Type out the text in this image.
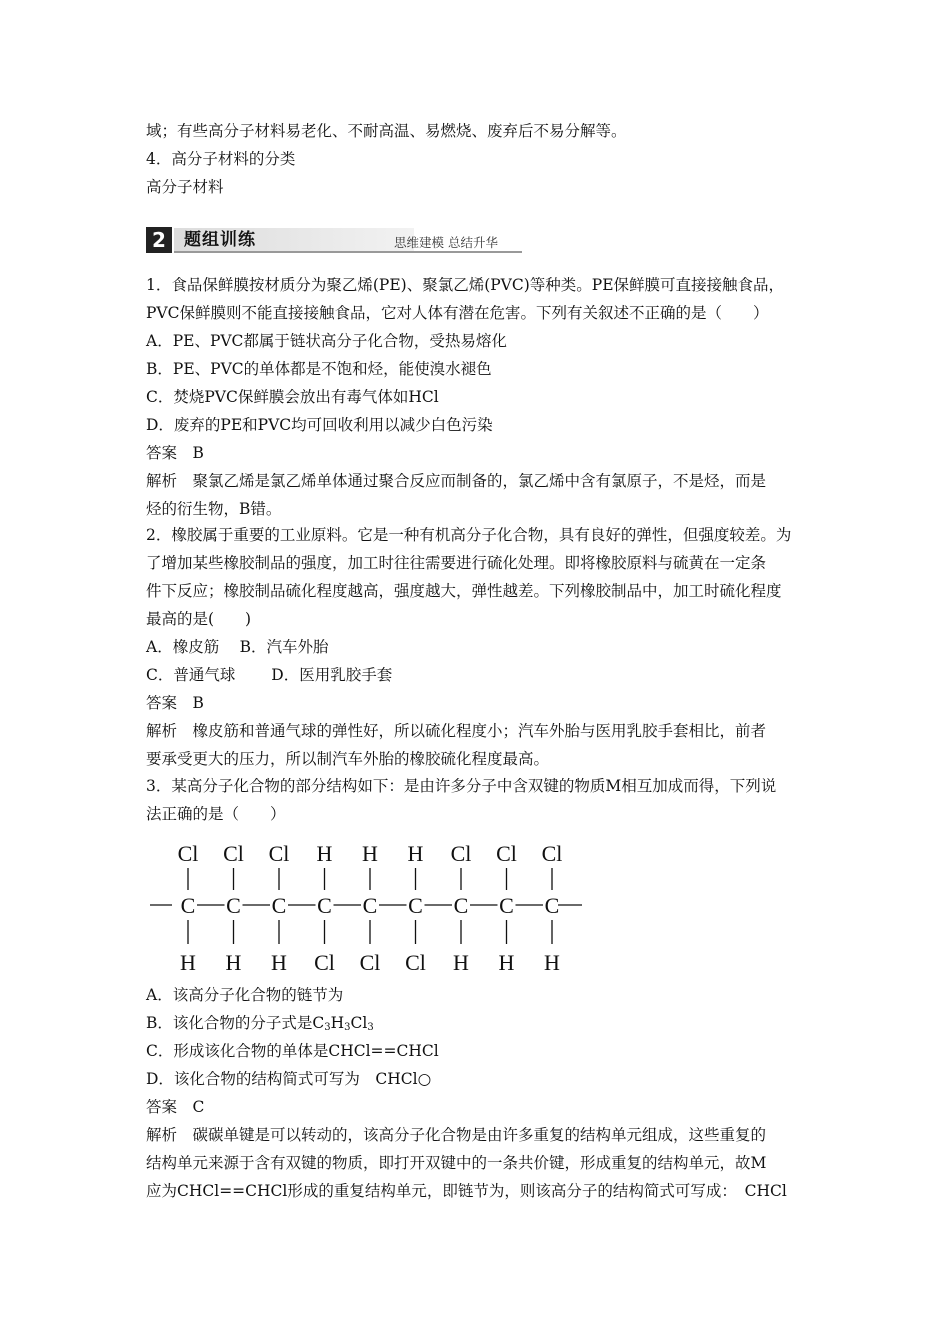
域；有些高分子材料易老化、不耐高温、易燃烧、废弃后不易分解等。
4．高分子材料的分类
高分子材料
2	题组训练	思维建模 总结升华
1．食品保鲜膜按材质分为聚乙烯(PE)、聚氯乙烯(PVC)等种类。PE保鲜膜可直接接触食品，
PVC保鲜膜则不能直接接触食品，它对人体有潜在危害。下列有关叙述不正确的是（　　）
A．PE、PVC都属于链状高分子化合物，受热易熔化
B．PE、PVC的单体都是不饱和烃，能使溴水褪色
C．焚烧PVC保鲜膜会放出有毒气体如HCl
D．废弃的PE和PVC均可回收利用以减少白色污染
答案　B
解析　聚氯乙烯是氯乙烯单体通过聚合反应而制备的，氯乙烯中含有氯原子，不是烃，而是
烃的衍生物，B错。
2．橡胶属于重要的工业原料。它是一种有机高分子化合物，具有良好的弹性，但强度较差。为
了增加某些橡胶制品的强度，加工时往往需要进行硫化处理。即将橡胶原料与硫黄在一定条
件下反应；橡胶制品硫化程度越高，强度越大，弹性越差。下列橡胶制品中，加工时硫化程度
最高的是(　　)
A．橡皮筋　 B．汽车外胎
C．普通气球　　 D．医用乳胶手套
答案　B
解析　橡皮筋和普通气球的弹性好，所以硫化程度小；汽车外胎与医用乳胶手套相比，前者
要承受更大的压力，所以制汽车外胎的橡胶硫化程度最高。
3．某高分子化合物的部分结构如下：是由许多分子中含双键的物质M相互加成而得，下列说
法正确的是（　　）
Cl
C
H
Cl
C
H
Cl
C
H
H
C
Cl
H
C
Cl
H
C
Cl
Cl
C
H
Cl
C
H
Cl
C
H
A．该高分子化合物的链节为
B．该化合物的分子式是$C_3H_3Cl_3$
C．形成该化合物的单体是CHCl==CHCl
D．该化合物的结构简式可写为　CHCl○
答案　C
解析　碳碳单键是可以转动的，该高分子化合物是由许多重复的结构单元组成，这些重复的
结构单元来源于含有双键的物质，即打开双键中的一条共价键，形成重复的结构单元，故M
应为CHCl==CHCl形成的重复结构单元，即链节为，则该高分子的结构简式可写成：　CHCl
